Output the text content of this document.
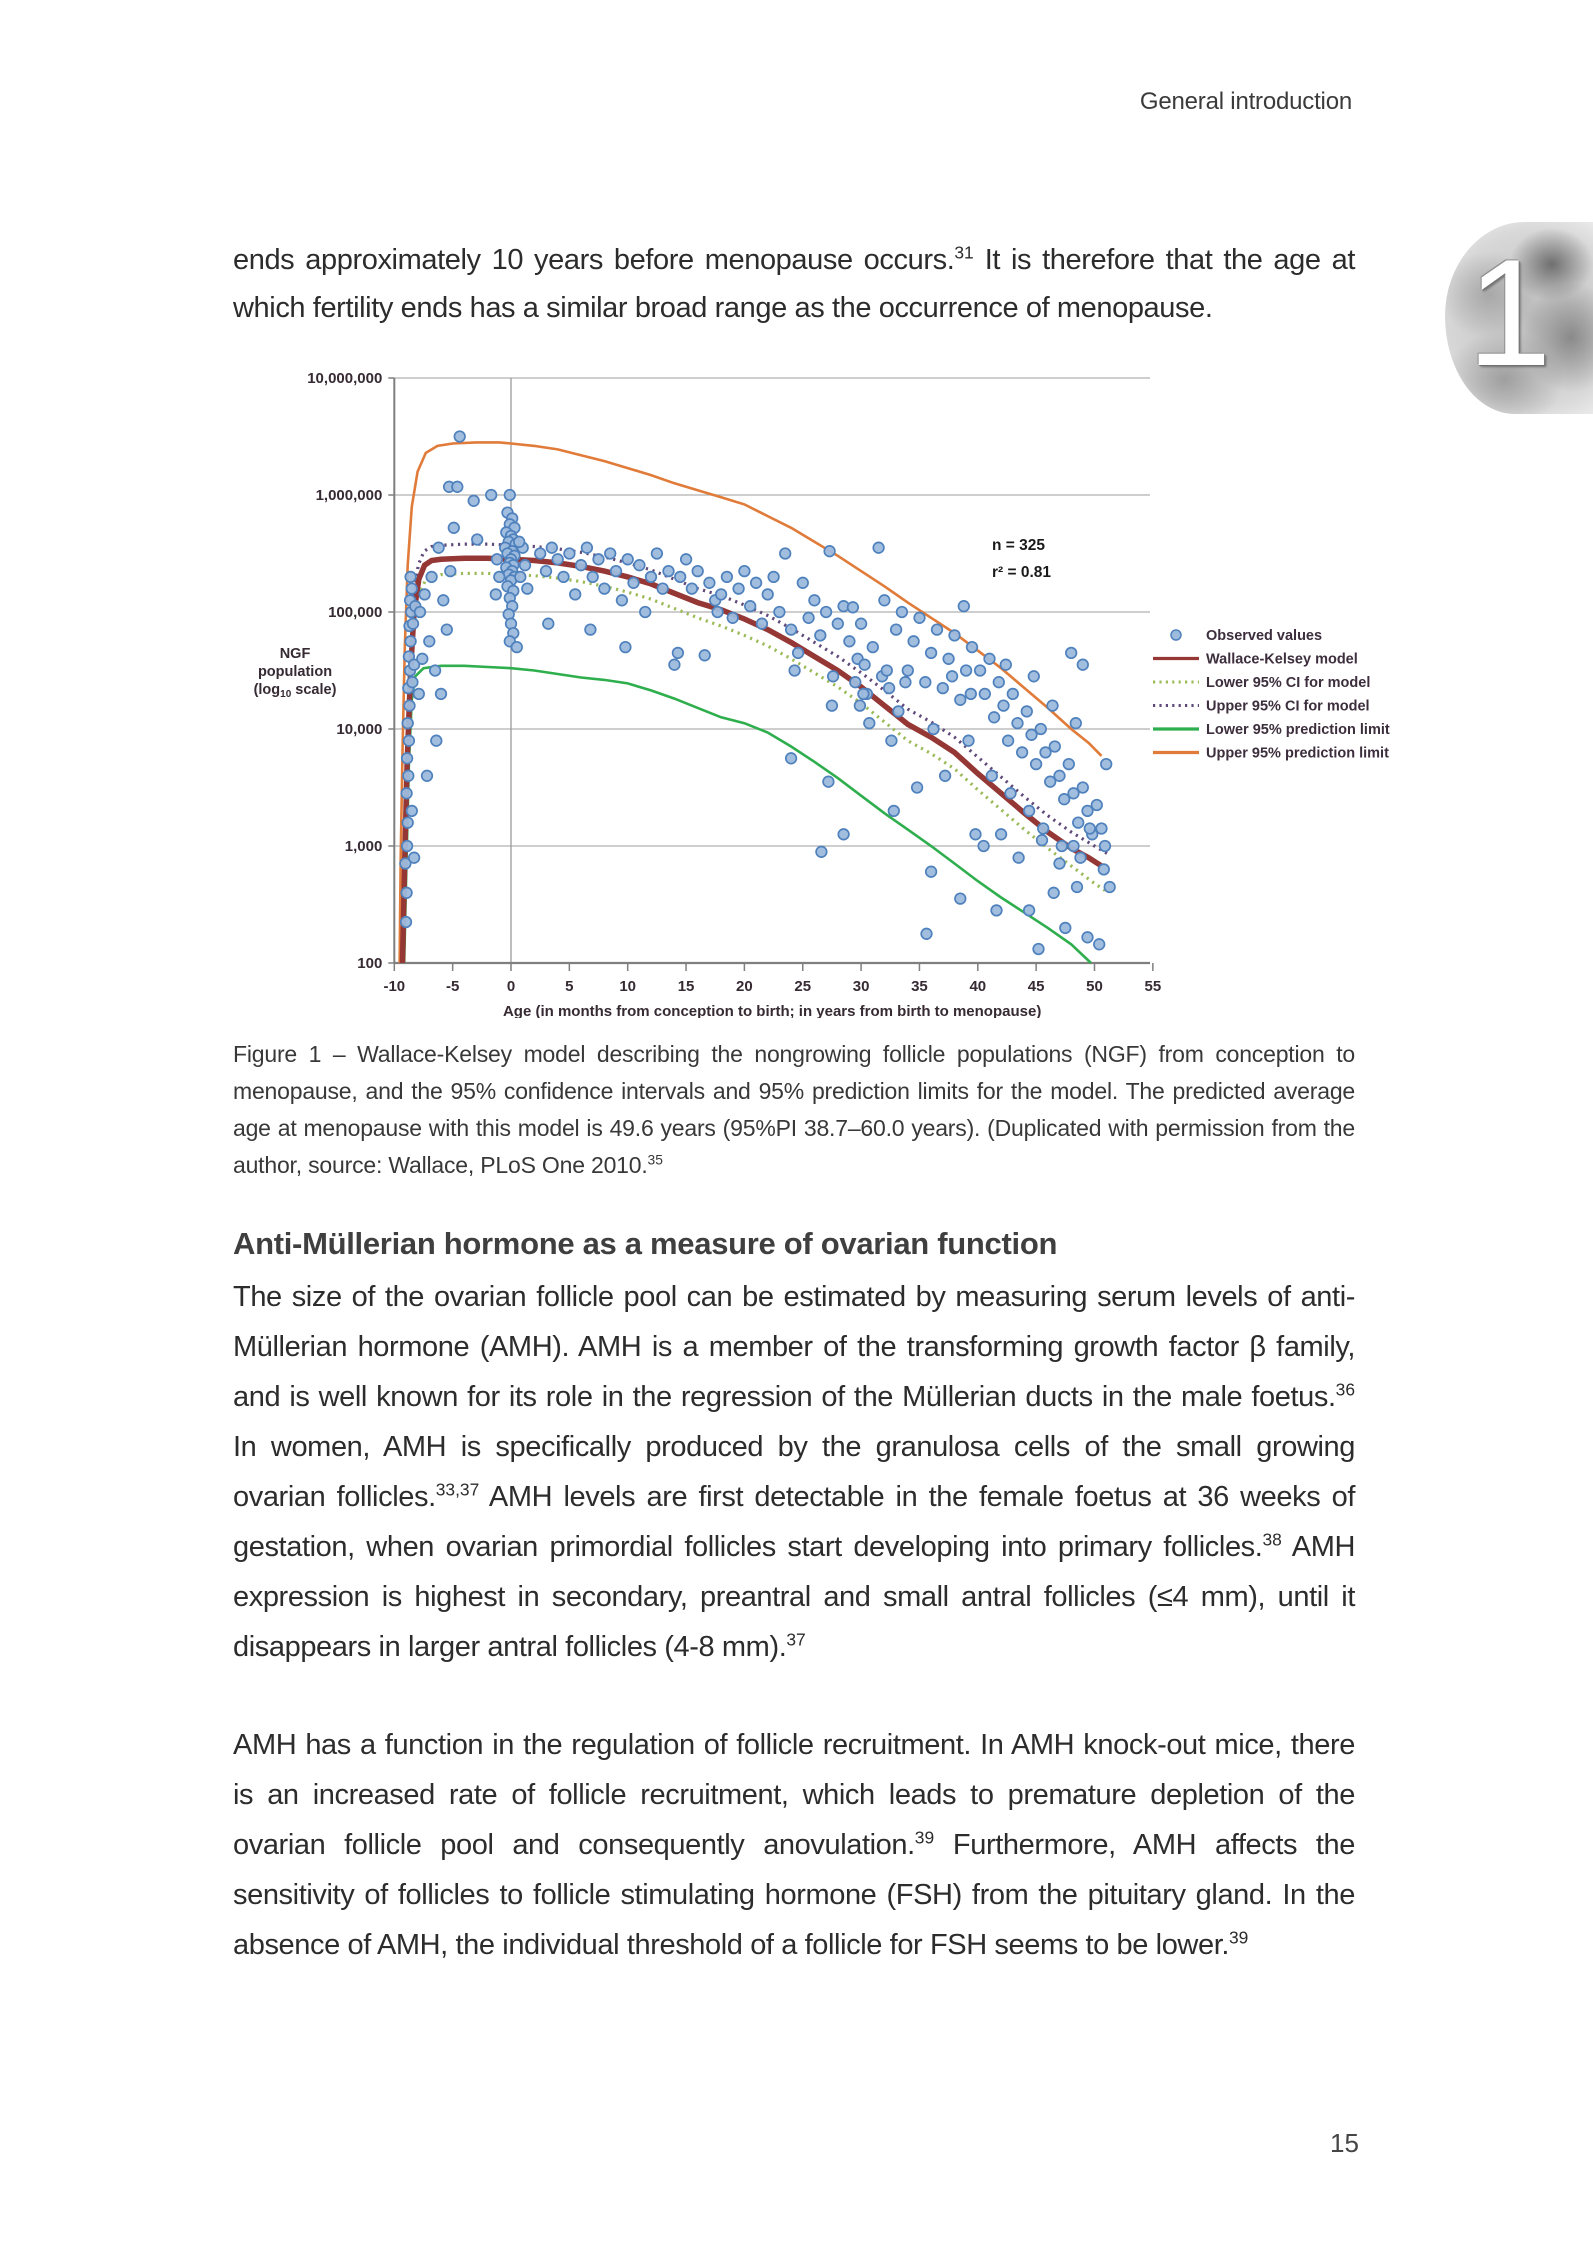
General introduction
1
ends approximately 10 years before menopause occurs.$^{31}$ It is therefore that the age at which fertility ends has a similar broad range as the occurrence of menopause.
100
1,000
10,000
100,000
1,000,000
10,000,000
-10	-5	0	5	10	15	20	25	30	35	40	45	50	55
Age (in months from conception to birth; in years from birth to menopause)
NGF
population
($\log_{10}$ scale)
n = 325
r² = 0.81
Observed values
Wallace-Kelsey model
Lower 95% CI for model
Upper 95% CI for model
Lower 95% prediction limit
Upper 95% prediction limit
Figure 1 – Wallace-Kelsey model describing the nongrowing follicle populations (NGF) from conception to menopause, and the 95% confidence intervals and 95% prediction limits for the model. The predicted average age at menopause with this model is 49.6 years (95%PI 38.7–60.0 years). (Duplicated with permission from the author, source: Wallace, PLoS One 2010.35
Anti-Müllerian hormone as a measure of ovarian function

The size of the ovarian follicle pool can be estimated by measuring serum levels of anti-Müllerian hormone (AMH). AMH is a member of the transforming growth factor β family, and is well known for its role in the regression of the Müllerian ducts in the male foetus.$^{36}$ In women, AMH is specifically produced by the granulosa cells of the small growing ovarian follicles.$^{33,37}$ AMH levels are first detectable in the female foetus at 36 weeks of gestation, when ovarian primordial follicles start developing into primary follicles.$^{38}$ AMH expression is highest in secondary, preantral and small antral follicles (≤4 mm), until it disappears in larger antral follicles (4-8 mm).$^{37}$

AMH has a function in the regulation of follicle recruitment. In AMH knock-out mice, there is an increased rate of follicle recruitment, which leads to premature depletion of the ovarian follicle pool and consequently anovulation.$^{39}$ Furthermore, AMH affects the sensitivity of follicles to follicle stimulating hormone (FSH) from the pituitary gland. In the absence of AMH, the individual threshold of a follicle for FSH seems to be lower.$^{39}$

15
